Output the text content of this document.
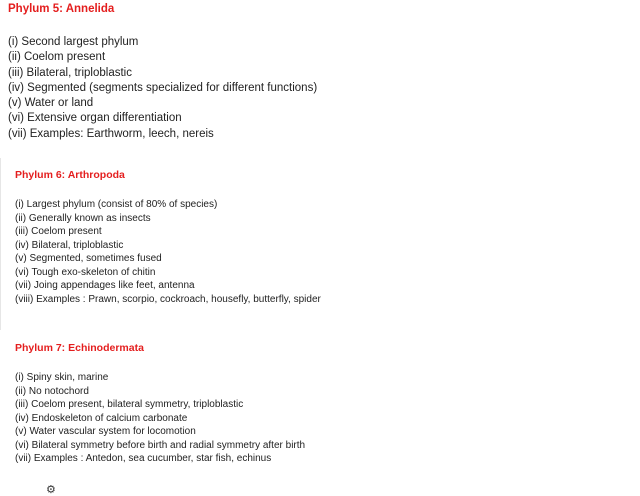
Phylum 5: Annelida
(i) Second largest phylum
(ii) Coelom present
(iii) Bilateral, triploblastic
(iv) Segmented (segments specialized for different functions)
(v) Water or land
(vi) Extensive organ differentiation
(vii) Examples: Earthworm, leech, nereis
Phylum 6: Arthropoda
(i) Largest phylum (consist of 80% of species)
(ii) Generally known as insects
(iii) Coelom present
(iv) Bilateral, triploblastic
(v) Segmented, sometimes fused
(vi) Tough exo-skeleton of chitin
(vii) Joing appendages like feet, antenna
(viii) Examples : Prawn, scorpio, cockroach, housefly, butterfly, spider
Phylum 7: Echinodermata
(i) Spiny skin, marine
(ii) No notochord
(iii) Coelom present, bilateral symmetry, triploblastic
(iv) Endoskeleton of calcium carbonate
(v) Water vascular system for locomotion
(vi) Bilateral symmetry before birth and radial symmetry after birth
(vii) Examples : Antedon, sea cucumber, star fish, echinus
⚙
